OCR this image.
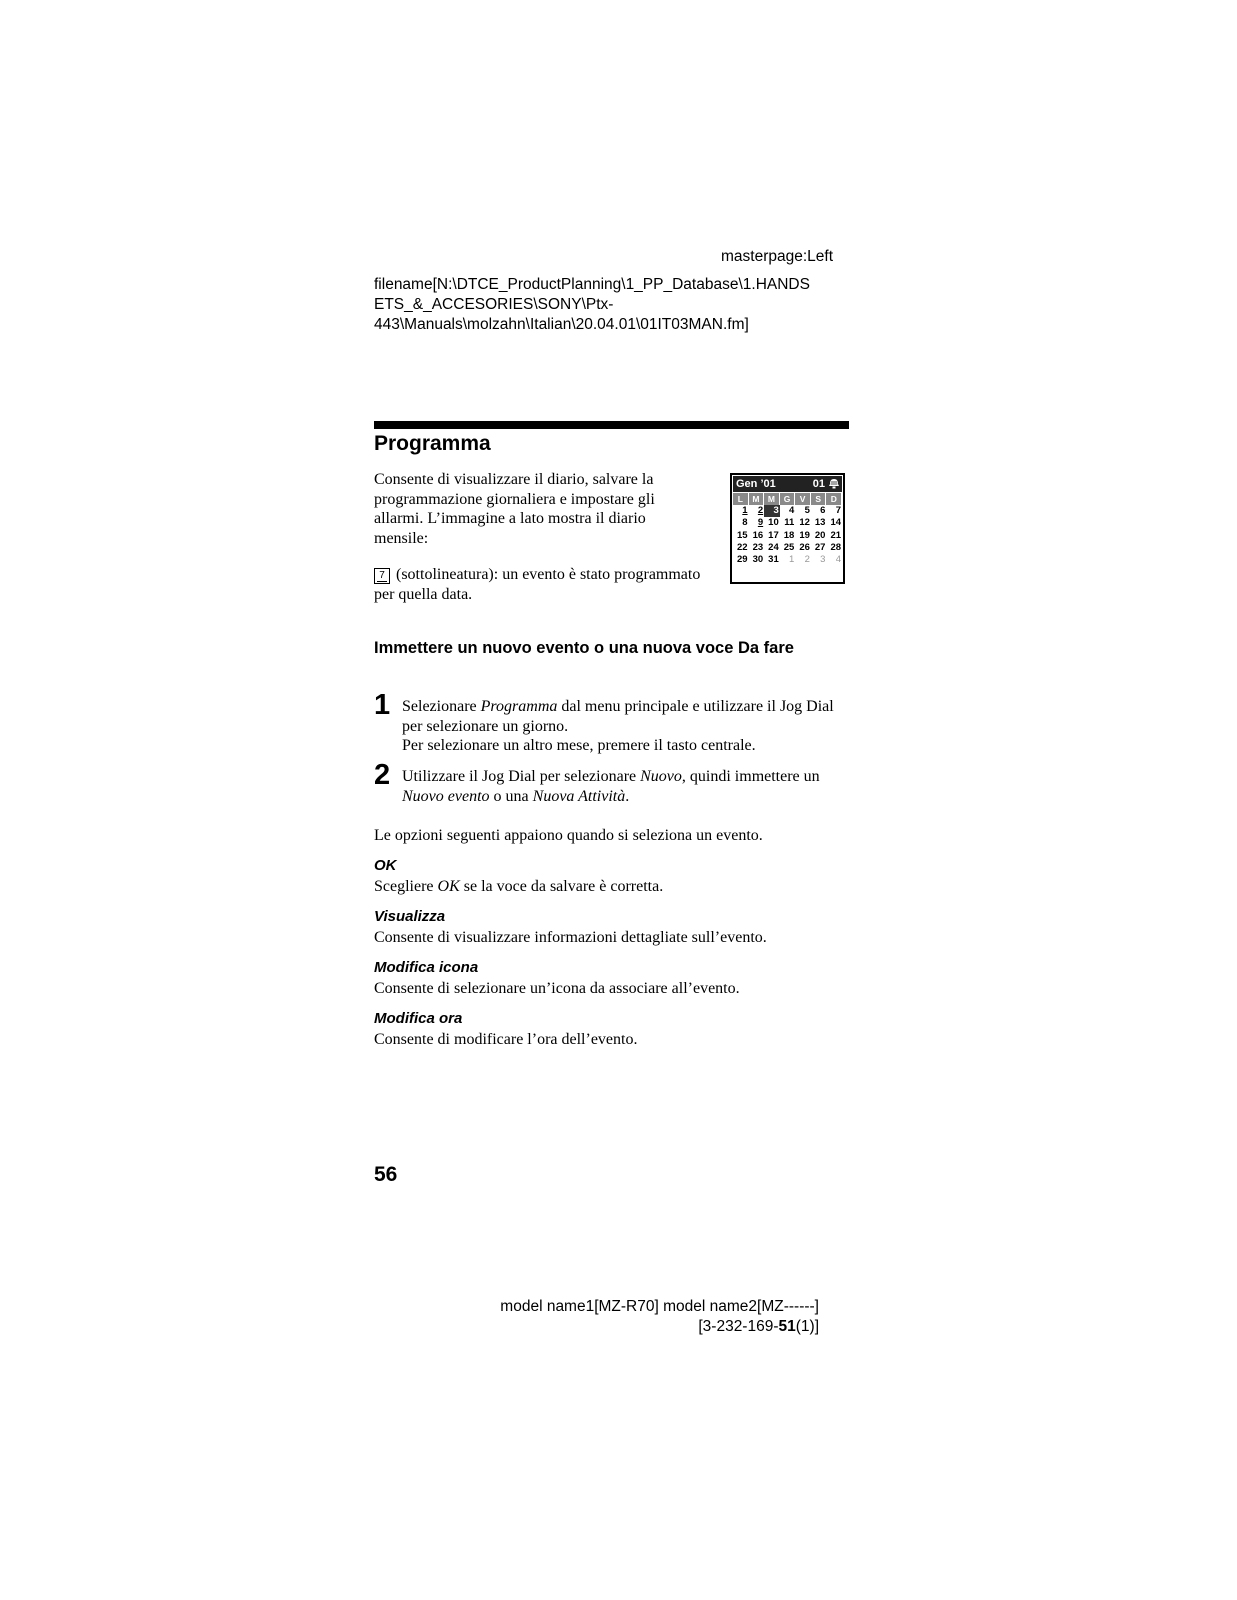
masterpage:Left
filename[N:\DTCE_ProductPlanning\1_PP_Database\1.HANDS
ETS_&_ACCESORIES\SONY\Ptx-
443\Manuals\molzahn\Italian\20.04.01\01IT03MAN.fm]
Programma
Consente di visualizzare il diario, salvare la programmazione giornaliera e impostare gli allarmi. L’immagine a lato mostra il diario mensile:
7 (sottolineatura): un evento è stato programmato per quella data.
Gen ’01	01
L	M M	G	V	S	D
1	2	3	4	5	6	7
8	9 10 11 12 13 14
15 16 17 18 19 20 21
22 23 24 25 26 27 28
29 30 31	1	2	3	4
Immettere un nuovo evento o una nuova voce Da fare
1 Selezionare Programma dal menu principale e utilizzare il Jog Dial per selezionare un giorno.
Per selezionare un altro mese, premere il tasto centrale.
2 Utilizzare il Jog Dial per selezionare Nuovo, quindi immettere un Nuovo evento o una Nuova Attività.
Le opzioni seguenti appaiono quando si seleziona un evento.
OK
Scegliere OK se la voce da salvare è corretta.
Visualizza
Consente di visualizzare informazioni dettagliate sull’evento.
Modifica icona
Consente di selezionare un’icona da associare all’evento.
Modifica ora
Consente di modificare l’ora dell’evento.
56
model name1[MZ-R70] model name2[MZ------]
[3-232-169-51(1)]
